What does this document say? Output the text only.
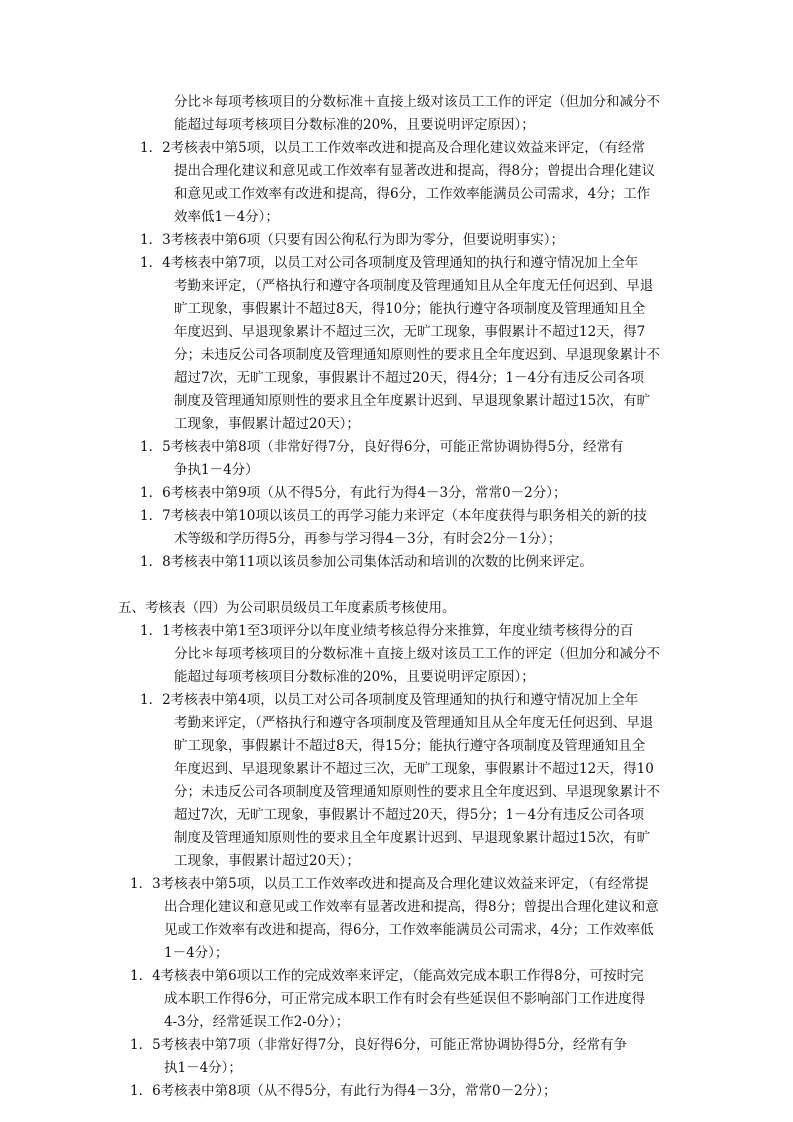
分比＊每项考核项目的分数标准＋直接上级对该员工工作的评定（但加分和减分不
能超过每项考核项目分数标准的20%，且要说明评定原因）；
1．2考核表中第5项，以员工工作效率改进和提高及合理化建议效益来评定，（有经常
提出合理化建议和意见或工作效率有显著改进和提高，得8分；曾提出合理化建议
和意见或工作效率有改进和提高，得6分，工作效率能满员公司需求，4分；工作
效率低1－4分）；
1．3考核表中第6项（只要有因公徇私行为即为零分，但要说明事实）；
1．4考核表中第7项，以员工对公司各项制度及管理通知的执行和遵守情况加上全年
考勤来评定，（严格执行和遵守各项制度及管理通知且从全年度无任何迟到、早退
旷工现象，事假累计不超过8天，得10分；能执行遵守各项制度及管理通知且全
年度迟到、早退现象累计不超过三次，无旷工现象，事假累计不超过12天，得7
分；未违反公司各项制度及管理通知原则性的要求且全年度迟到、早退现象累计不
超过7次，无旷工现象，事假累计不超过20天，得4分；1－4分有违反公司各项
制度及管理通知原则性的要求且全年度累计迟到、早退现象累计超过15次，有旷
工现象，事假累计超过20天）；
1．5考核表中第8项（非常好得7分，良好得6分，可能正常协调协得5分，经常有
争执1－4分）
1．6考核表中第9项（从不得5分，有此行为得4－3分，常常0－2分）；
1．7考核表中第10项以该员工的再学习能力来评定（本年度获得与职务相关的新的技
术等级和学历得5分，再参与学习得4－3分，有时会2分－1分）；
1．8考核表中第11项以该员参加公司集体活动和培训的次数的比例来评定。
五、考核表（四）为公司职员级员工年度素质考核使用。
1．1考核表中第1至3项评分以年度业绩考核总得分来推算，年度业绩考核得分的百
分比＊每项考核项目的分数标准＋直接上级对该员工工作的评定（但加分和减分不
能超过每项考核项目分数标准的20%，且要说明评定原因）；
1．2考核表中第4项，以员工对公司各项制度及管理通知的执行和遵守情况加上全年
考勤来评定，（严格执行和遵守各项制度及管理通知且从全年度无任何迟到、早退
旷工现象，事假累计不超过8天，得15分；能执行遵守各项制度及管理通知且全
年度迟到、早退现象累计不超过三次，无旷工现象，事假累计不超过12天，得10
分；未违反公司各项制度及管理通知原则性的要求且全年度迟到、早退现象累计不
超过7次，无旷工现象，事假累计不超过20天，得5分；1－4分有违反公司各项
制度及管理通知原则性的要求且全年度累计迟到、早退现象累计超过15次，有旷
工现象，事假累计超过20天）；
1．3考核表中第5项，以员工工作效率改进和提高及合理化建议效益来评定，（有经常提
出合理化建议和意见或工作效率有显著改进和提高，得8分；曾提出合理化建议和意
见或工作效率有改进和提高，得6分，工作效率能满员公司需求，4分；工作效率低
1－4分）；
1．4考核表中第6项以工作的完成效率来评定，（能高效完成本职工作得8分，可按时完
成本职工作得6分，可正常完成本职工作有时会有些延误但不影响部门工作进度得
4-3分，经常延误工作2-0分）；
1．5考核表中第7项（非常好得7分，良好得6分，可能正常协调协得5分，经常有争
执1－4分）；
1．6考核表中第8项（从不得5分，有此行为得4－3分，常常0－2分）；
